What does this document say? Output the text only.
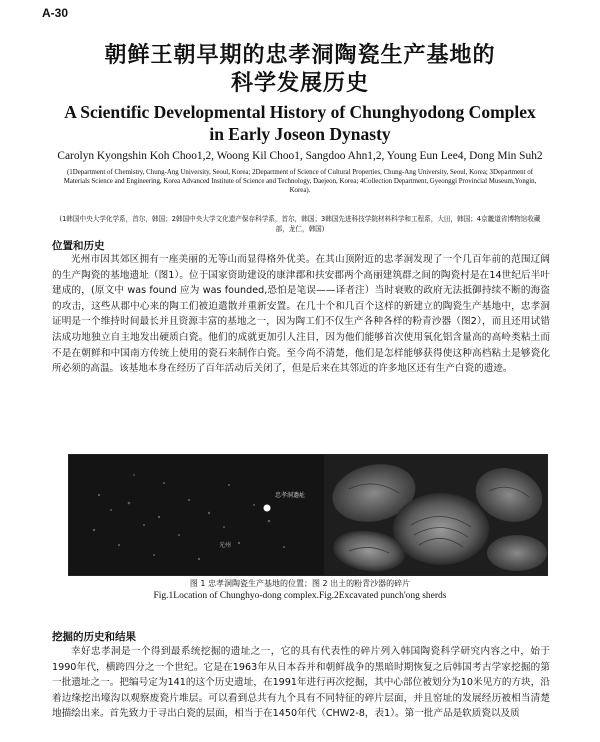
A-30
朝鲜王朝早期的忠孝洞陶瓷生产基地的
科学发展历史
A Scientific Developmental History of Chunghyodong Complex
in Early Joseon Dynasty
Carolyn Kyongshin Koh Choo1,2, Woong Kil Choo1, Sangdoo Ahn1,2, Young Eun Lee4, Dong Min Suh2
(1Department of Chemistry, Chung-Ang University, Seoul, Korea; 2Department of Science of Cultural Properties, Chung-Ang University, Seoul, Korea; 3Department of Materials Science and Engineering, Korea Advanced Institute of Science and Technology, Daejeon, Korea; 4Collection Department, Gyeonggi Provincial Museum,Yongin, Korea).
(1韩国中央大学化学系，首尔，韩国；2韩国中央大学文化遗产保存科学系，首尔，韩国；3韩国先进科技学院材料科学和工程系，大田，韩国；4京畿道省博物馆收藏部，龙仁，韩国)
位置和历史
光州市因其郊区拥有一座美丽的无等山而显得格外优美。在其山顶附近的忠孝洞发现了一个几百年前的范围辽阔的生产陶瓷的基地遗址（图1）。位于国家资助建设的康津郡和扶安郡两个高丽建筑群之间的陶瓷村是在14世纪后半叶建成的，(原文中 was found 应为 was founded,恐怕是笔误——译者注）当时衰败的政府无法抵御持续不断的海盗的攻击，这些从郡中心来的陶工们被迫遣散并重新安置。在几十个和几百个这样的新建立的陶瓷生产基地中，忠孝洞证明是一个维持时间最长并且资源丰富的基地之一，因为陶工们不仅生产各种各样的粉青沙器（图2），而且还用试错法成功地独立自主地发出硬质白瓷。他们的成就更加引人注目，因为他们能够首次使用氧化铝含量高的高岭类粘土而不是在朝鲜和中国南方传统上使用的瓷石来制作白瓷。至今尚不清楚，他们是怎样能够获得使这种高档粘土是够瓷化所必须的高温。该基地本身在经历了百年活动后关闭了，但是后来在其邻近的许多地区还有生产白瓷的遗迹。
忠孝洞遗址
光州
图 1 忠孝洞陶瓷生产基地的位置；图 2 出土的粉青沙器的碎片
Fig.1Location of Chunghyo-dong complex.Fig.2Excavated punch'ong sherds
挖掘的历史和结果
幸好忠孝洞是一个得到最系统挖掘的遗址之一，它的具有代表性的碎片列入韩国陶瓷科学研究内容之中，始于1990年代，横跨四分之一个世纪。它是在1963年从日本吞并和朝鲜战争的黑暗时期恢复之后韩国考古学家挖掘的第一批遗址之一。把编号定为141的这个历史遗址，在1991年进行再次挖掘，其中心部位被划分为10米见方的方块，沿着边缘挖出壕沟以观察废瓷片堆层。可以看到总共有九个具有不同特征的碎片层面，并且窑址的发展经历被相当清楚地描绘出来。首先致力于寻出白瓷的层面，相当于在1450年代（CHW2-8，表1）。第一批产品是软质瓷以及质
